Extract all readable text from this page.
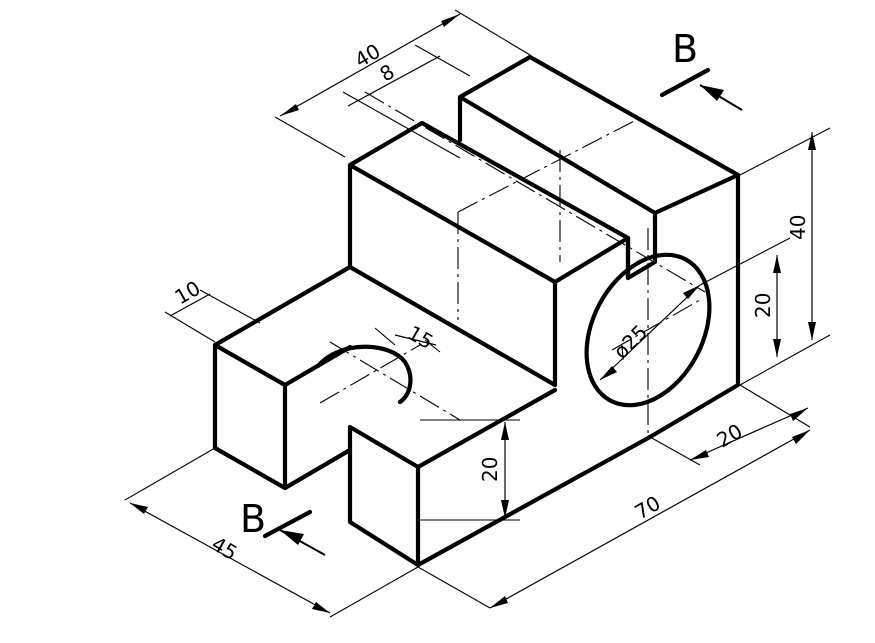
B
B
40
8
10
15	ø25
40
20
20
20
70
45
